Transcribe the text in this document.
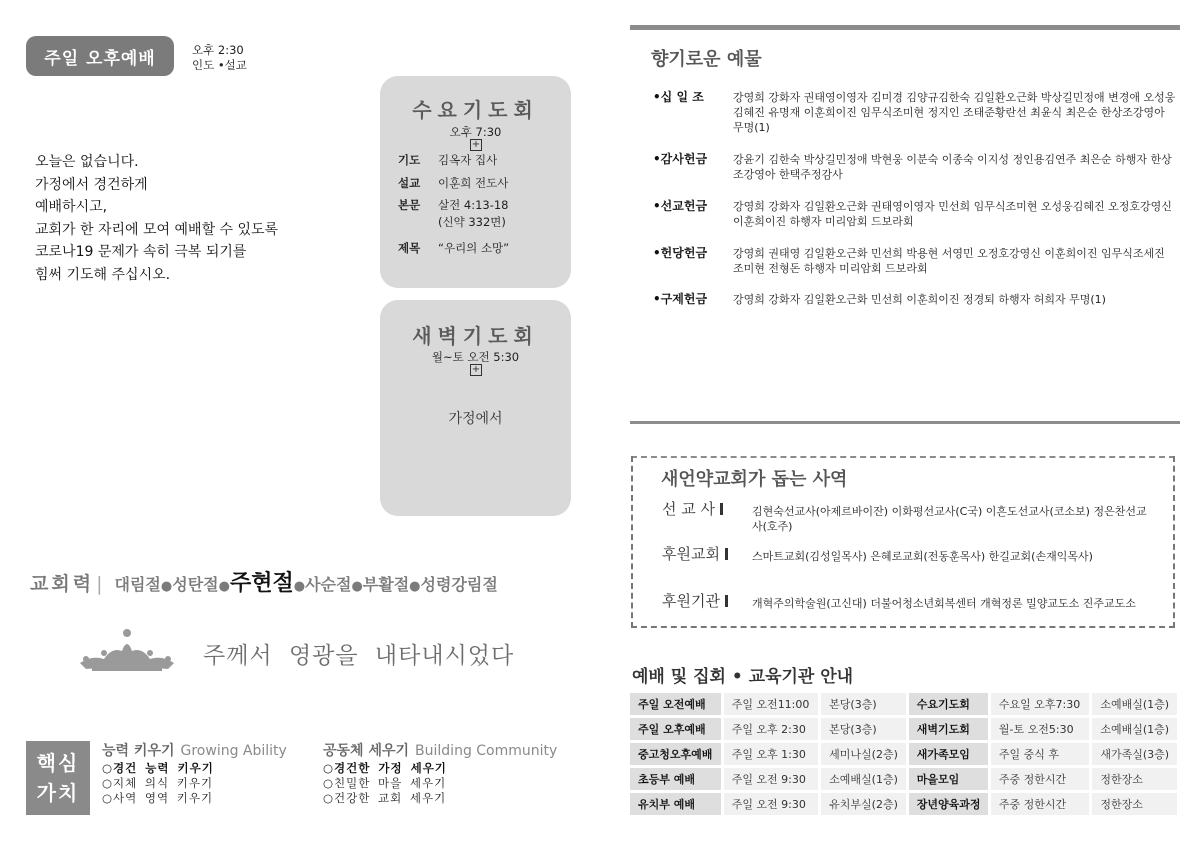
주일 오후예배	오후 2:30
인도 •설교
오늘은 없습니다.
가정에서 경건하게
예배하시고,
교회가 한 자리에 모여 예배할 수 있도록
코로나19 문제가 속히 극복 되기를
힘써 기도해 주십시오.
수요기도회
오후 7:30
+
기도 김옥자 집사
설교 이훈희 전도사
본문 살전 4:13-18
(신약 332면)
제목 “우리의 소망”
새벽기도회
월~토 오전 5:30
+
가정에서
교회력 | 대림절●성탄절●주현절●사순절●부활절●성령강림절
주께서 영광을 내타내시었다
핵심
가치
능력 키우기 Growing Ability
○경건 능력 키우기
○지체 의식 키우기
○사역 영역 키우기
공동체 세우기 Building Community
○경건한 가정 세우기
○친밀한 마을 세우기
○건강한 교회 세우기
향기로운 예물
•십 일 조	강영희 강화자 권태영이영자 김미경 김양규김한숙 김일환오근화 박상길민정애 변경애 오성웅김혜진 유명재 이훈희이진 임무식조미현 정지인 조태준황란선 최윤식 최은순 한상조강영아 무명(1)
•감사헌금	강윤기 김한숙 박상길민정애 박현웅 이분숙 이종숙 이지성 정인용김연주 최은순 하행자 한상조강영아 한택주정감사
•선교헌금	강영희 강화자 김일환오근화 권태영이영자 민선희 임무식조미현 오성웅김혜진 오정호강영신 이훈희이진 하행자 미리암회 드보라회
•헌당헌금	강영희 권태영 김일환오근화 민선희 박용현 서영민 오정호강영신 이훈희이진 임무식조세진 조미현 전형돈 하행자 미리암회 드보라회
•구제헌금	강영희 강화자 김일환오근화 민선희 이훈희이진 정경퇴 하행자 허희자 무명(1)
새언약교회가 돕는 사역
선 교 사	김현숙선교사(아제르바이잔) 이화평선교사(C국) 이흔도선교사(코소보) 정은찬선교사(호주)
후원교회	스마트교회(김성일목사) 은혜로교회(전동훈목사) 한길교회(손재익목사)
후원기관	개혁주의학술원(고신대) 더불어청소년회복센터 개혁정론 밀양교도소 진주교도소
예배 및 집회 • 교육기관 안내
주일 오전예배	주일 오전11:00	본당(3층)	수요기도회	수요일 오후7:30	소예배실(1층)
주일 오후예배	주일 오후 2:30	본당(3층)	새벽기도회	월-토 오전5:30	소예배실(1층)
중고청오후예배	주일 오후 1:30	세미나실(2층)	새가족모임	주일 중식 후	새가족실(3층)
초등부 예배	주일 오전 9:30	소예배실(1층)	마을모임	주중 정한시간	정한장소
유치부 예배	주일 오전 9:30	유치부실(2층)	장년양육과정	주중 정한시간	정한장소
